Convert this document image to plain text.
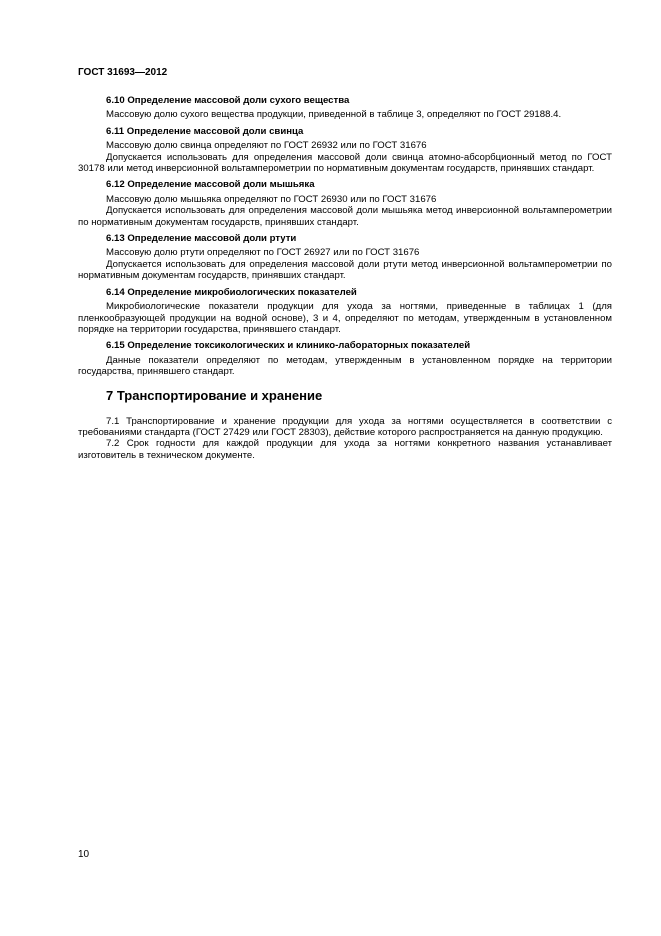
ГОСТ 31693—2012

6.10 Определение массовой доли сухого вещества

Массовую долю сухого вещества продукции, приведенной в таблице 3, определяют по ГОСТ 29188.4.

6.11 Определение массовой доли свинца

Массовую долю свинца определяют по ГОСТ 26932 или по ГОСТ 31676

Допускается использовать для определения массовой доли свинца атомно-абсорбционный метод по ГОСТ 30178 или метод инверсионной вольтамперометрии по нормативным документам государств, принявших стандарт.

6.12 Определение массовой доли мышьяка

Массовую долю мышьяка определяют по ГОСТ 26930 или по ГОСТ 31676

Допускается использовать для определения массовой доли мышьяка метод инверсионной вольтамперометрии по нормативным документам государств, принявших стандарт.

6.13 Определение массовой доли ртути

Массовую долю ртути определяют по ГОСТ 26927 или по ГОСТ 31676

Допускается использовать для определения массовой доли ртути метод инверсионной вольтамперометрии по нормативным документам государств, принявших стандарт.

6.14 Определение микробиологических показателей

Микробиологические показатели продукции для ухода за ногтями, приведенные в таблицах 1 (для пленкообразующей продукции на водной основе), 3 и 4, определяют по методам, утвержденным в установленном порядке на территории государства, принявшего стандарт.

6.15 Определение токсикологических и клинико-лабораторных показателей

Данные показатели определяют по методам, утвержденным в установленном порядке на территории государства, принявшего стандарт.

7 Транспортирование и хранение

7.1 Транспортирование и хранение продукции для ухода за ногтями осуществляется в соответствии с требованиями стандарта (ГОСТ 27429 или ГОСТ 28303), действие которого распространяется на данную продукцию.

7.2 Срок годности для каждой продукции для ухода за ногтями конкретного названия устанавливает изготовитель в техническом документе.

10
